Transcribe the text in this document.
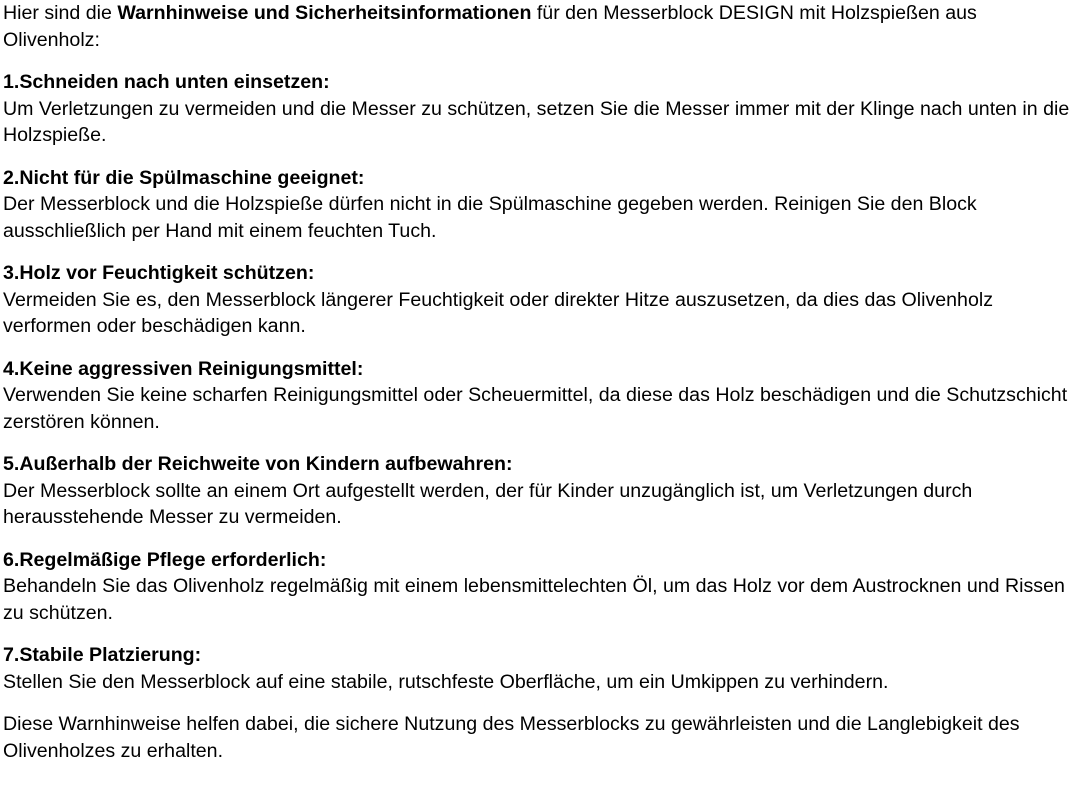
Hier sind die Warnhinweise und Sicherheitsinformationen für den Messerblock DESIGN mit Holzspießen aus Olivenholz:

1.Schneiden nach unten einsetzen:

Um Verletzungen zu vermeiden und die Messer zu schützen, setzen Sie die Messer immer mit der Klinge nach unten in die Holzspieße.

2.Nicht für die Spülmaschine geeignet:

Der Messerblock und die Holzspieße dürfen nicht in die Spülmaschine gegeben werden. Reinigen Sie den Block ausschließlich per Hand mit einem feuchten Tuch.

3.Holz vor Feuchtigkeit schützen:

Vermeiden Sie es, den Messerblock längerer Feuchtigkeit oder direkter Hitze auszusetzen, da dies das Olivenholz verformen oder beschädigen kann.

4.Keine aggressiven Reinigungsmittel:

Verwenden Sie keine scharfen Reinigungsmittel oder Scheuermittel, da diese das Holz beschädigen und die Schutzschicht zerstören können.

5.Außerhalb der Reichweite von Kindern aufbewahren:

Der Messerblock sollte an einem Ort aufgestellt werden, der für Kinder unzugänglich ist, um Verletzungen durch herausstehende Messer zu vermeiden.

6.Regelmäßige Pflege erforderlich:

Behandeln Sie das Olivenholz regelmäßig mit einem lebensmittelechten Öl, um das Holz vor dem Austrocknen und Rissen zu schützen.

7.Stabile Platzierung:

Stellen Sie den Messerblock auf eine stabile, rutschfeste Oberfläche, um ein Umkippen zu verhindern.

Diese Warnhinweise helfen dabei, die sichere Nutzung des Messerblocks zu gewährleisten und die Langlebigkeit des Olivenholzes zu erhalten.
